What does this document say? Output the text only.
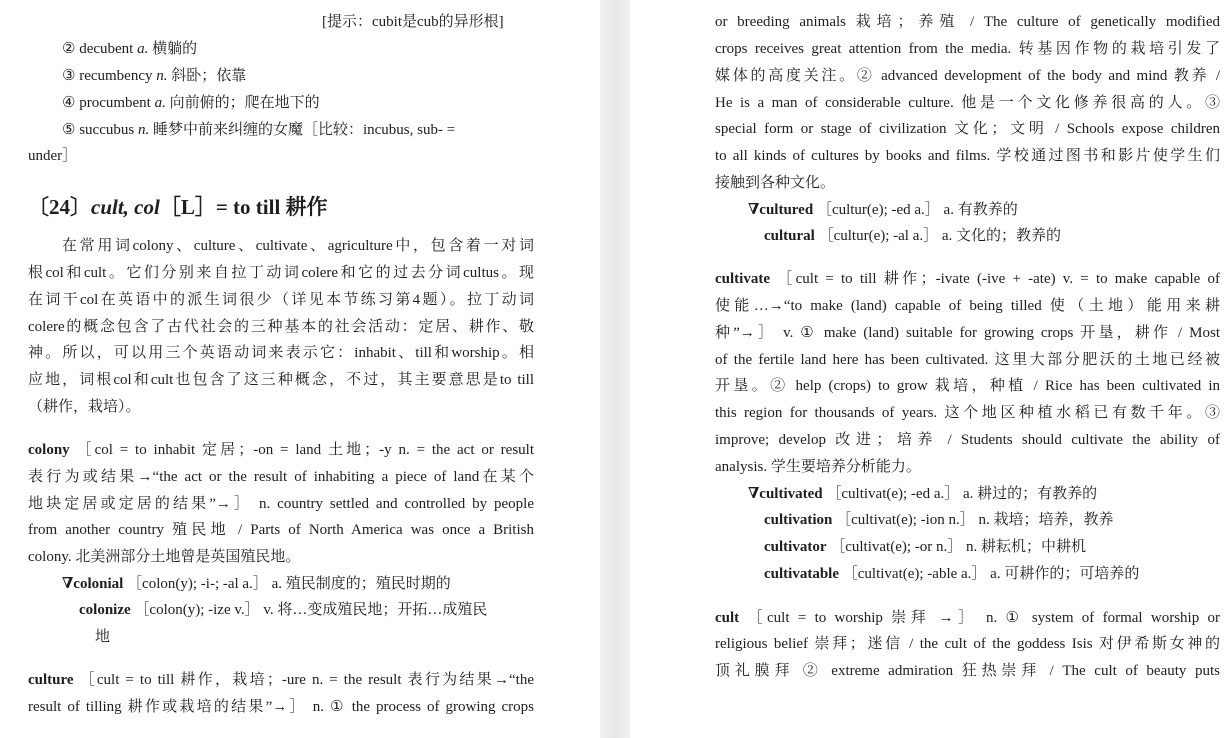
[提示：cubit是cub的异形根]
② decubent a. 横躺的
③ recumbency n. 斜卧；依靠
④ procumbent a. 向前俯的；爬在地下的
⑤ succubus n. 睡梦中前来纠缠的女魔［比较：incubus, sub- =
under］
〔24〕cult, col［L］= to till 耕作
在常用词colony、culture、cultivate、agriculture中，包含着一对词
根col和cult。它们分别来自拉丁动词colere和它的过去分词cultus。现
在词干col在英语中的派生词很少（详见本节练习第4题）。拉丁动词
colere的概念包含了古代社会的三种基本的社会活动：定居、耕作、敬
神。所以，可以用三个英语动词来表示它：inhabit、till和worship。相
应地，词根col和cult也包含了这三种概念，不过，其主要意思是to till
（耕作，栽培）。
colony ［col = to inhabit 定居；-on = land 土地；-y n. = the act or result
表行为或结果→“the act or the result of inhabiting a piece of land在某个
地块定居或定居的结果”→］ n. country settled and controlled by people
from another country 殖民地 / Parts of North America was once a British
colony. 北美洲部分土地曾是英国殖民地。
∇colonial ［colon(y); -i-; -al a.］ a. 殖民制度的；殖民时期的
colonize ［colon(y); -ize v.］ v. 将…变成殖民地；开拓…成殖民
地
culture ［cult = to till 耕作，栽培；-ure n. = the result 表行为结果→“the
result of tilling 耕作或栽培的结果”→］ n. ① the process of growing crops
or breeding animals 栽培；养殖 / The culture of genetically modified
crops receives great attention from the media. 转基因作物的栽培引发了
媒体的高度关注。② advanced development of the body and mind 教养 /
He is a man of considerable culture. 他是一个文化修养很高的人。③
special form or stage of civilization 文化；文明 / Schools expose children
to all kinds of cultures by books and films. 学校通过图书和影片使学生们
接触到各种文化。
∇cultured ［cultur(e); -ed a.］ a. 有教养的
cultural ［cultur(e); -al a.］ a. 文化的；教养的
cultivate ［cult = to till 耕作；-ivate (-ive + -ate) v. = to make capable of
使能…→“to make (land) capable of being tilled 使（土地）能用来耕
种”→］ v. ① make (land) suitable for growing crops 开垦，耕作 / Most
of the fertile land here has been cultivated. 这里大部分肥沃的土地已经被
开垦。② help (crops) to grow 栽培，种植 / Rice has been cultivated in
this region for thousands of years. 这个地区种植水稻已有数千年。③
improve; develop 改进；培养 / Students should cultivate the ability of
analysis. 学生要培养分析能力。
∇cultivated ［cultivat(e); -ed a.］ a. 耕过的；有教养的
cultivation ［cultivat(e); -ion n.］ n. 栽培；培养，教养
cultivator ［cultivat(e); -or n.］ n. 耕耘机；中耕机
cultivatable ［cultivat(e); -able a.］ a. 可耕作的；可培养的
cult ［cult = to worship 崇拜 →］ n. ① system of formal worship or
religious belief 崇拜；迷信 / the cult of the goddess Isis 对伊希斯女神的
顶礼膜拜 ② extreme admiration 狂热崇拜 / The cult of beauty puts
